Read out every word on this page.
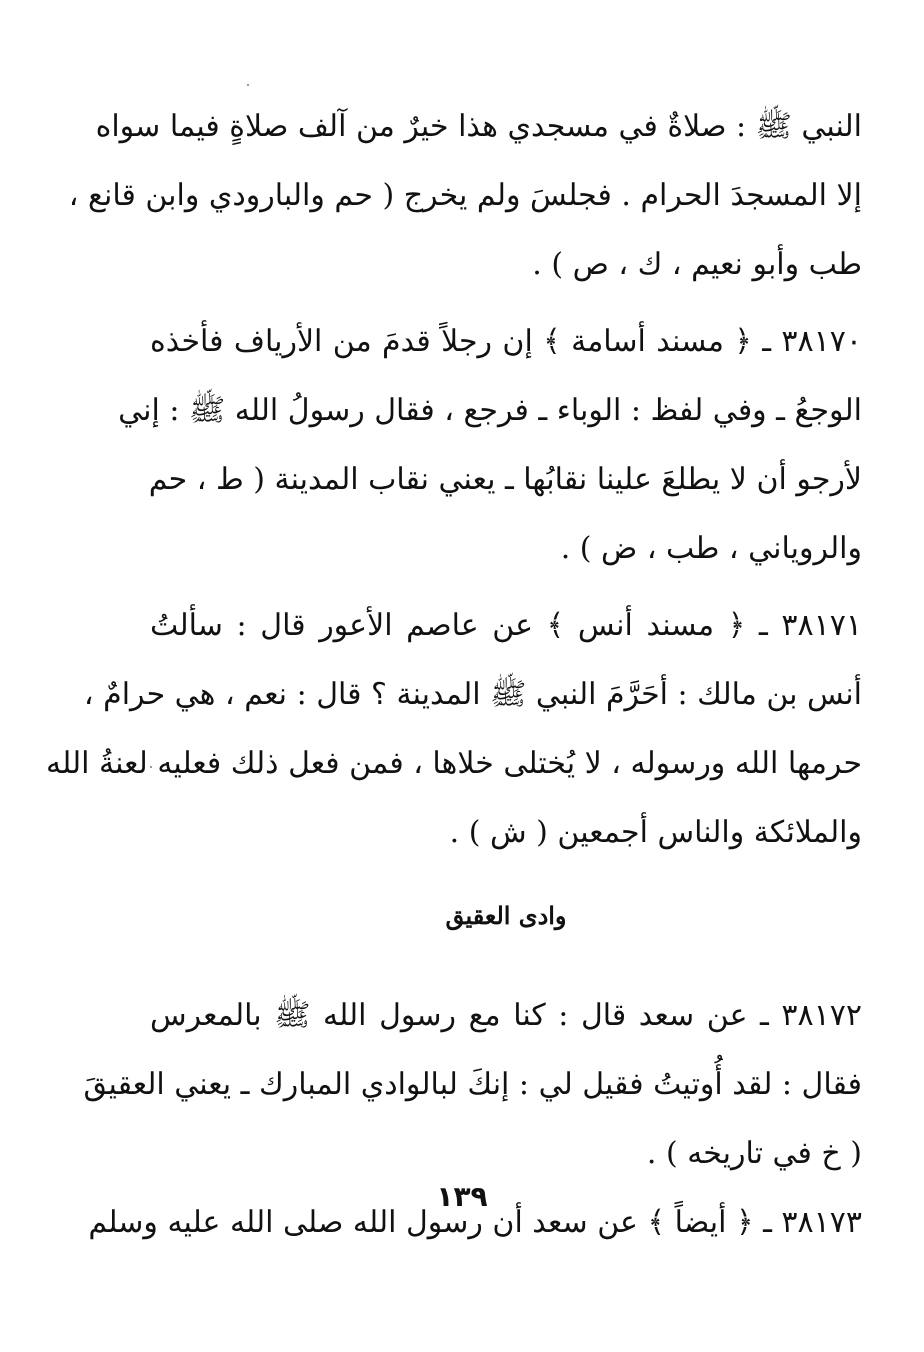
النبي ﷺ : صلاةٌ في مسجدي هذا خيرٌ من آلف صلاةٍ فيما سواه
إلا المسجدَ الحرام . فجلسَ ولم يخرج ( حم والبارودي وابن قانع ،
طب وأبو نعيم ، ك ، ص ) .
٣٨١٧٠ ـ ﴿ مسند أسامة ﴾ إن رجلاً قدمَ من الأرياف فأخذه
الوجعُ ـ وفي لفظ : الوباء ـ فرجع ، فقال رسولُ الله ﷺ : إني
لأرجو أن لا يطلعَ علينا نقابُها ـ يعني نقاب المدينة ( ط ، حم
والروياني ، طب ، ض ) .
٣٨١٧١ ـ ﴿ مسند أنس ﴾ عن عاصم الأعور قال : سألتُ
أنس بن مالك : أحَرَّمَ النبي ﷺ المدينة ؟ قال : نعم ، هي حرامٌ ،
حرمها الله ورسوله ، لا يُختلى خلاها ، فمن فعل ذلك فعليه لعنةُ الله
والملائكة والناس أجمعين ( ش ) .
وادى العقيق
٣٨١٧٢ ـ عن سعد قال : كنا مع رسول الله ﷺ بالمعرس
فقال : لقد أُوتيتُ فقيل لي : إنكَ لبالوادي المبارك ـ يعني العقيقَ
( خ في تاريخه ) .
٣٨١٧٣ ـ ﴿ أيضاً ﴾ عن سعد أن رسول الله صلى الله عليه وسلم
١٣٩
